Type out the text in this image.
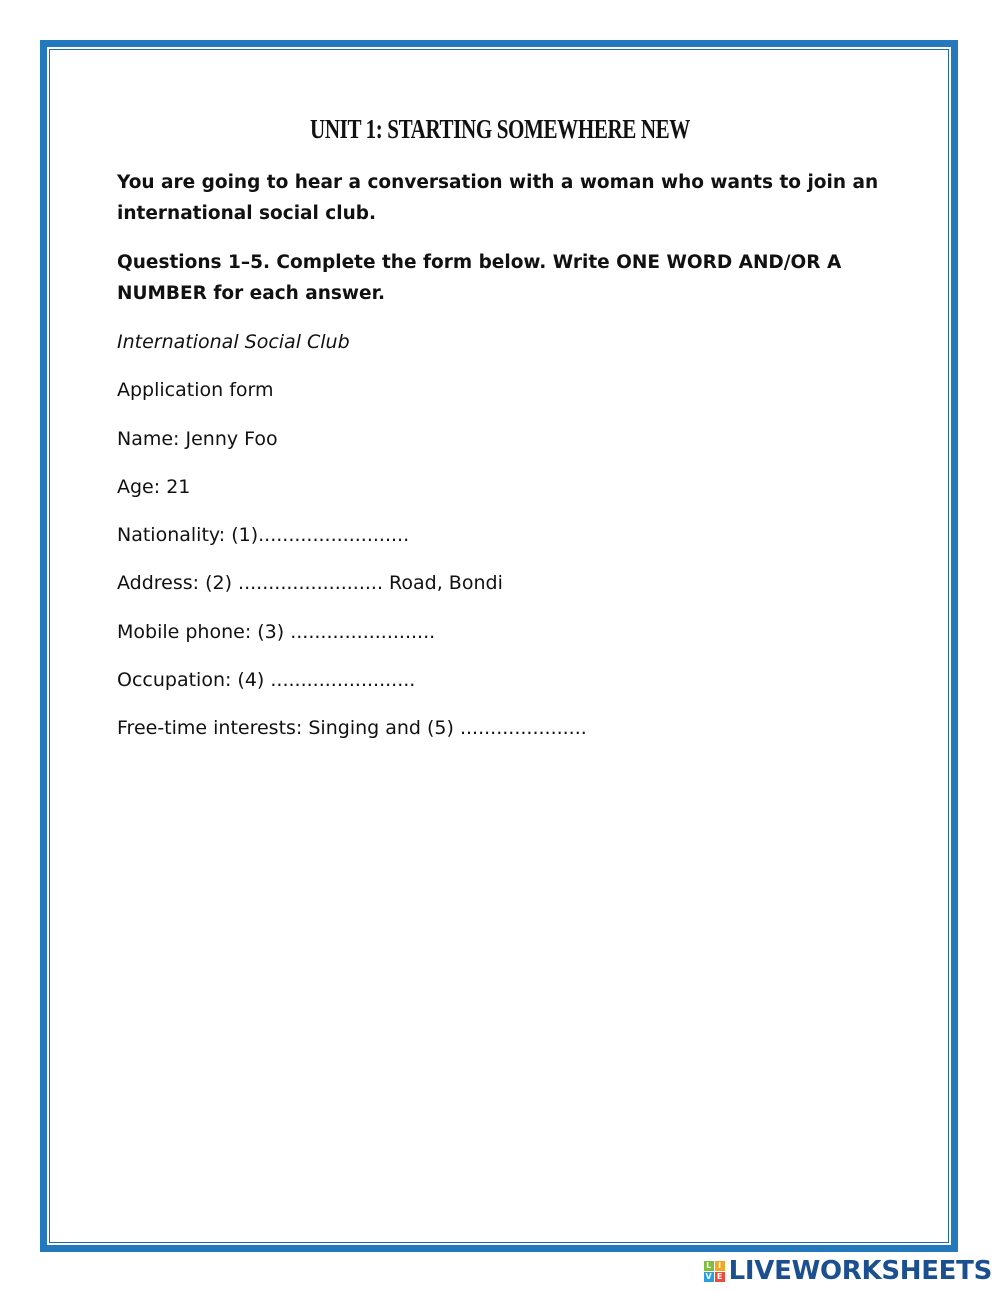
UNIT 1: STARTING SOMEWHERE NEW
You are going to hear a conversation with a woman who wants to join an
international social club.
Questions 1–5. Complete the form below. Write ONE WORD AND/OR A
NUMBER for each answer.
International Social Club
Application form
Name: Jenny Foo
Age: 21
Nationality: (1).........................
Address: (2) ........................ Road, Bondi
Mobile phone: (3) ........................
Occupation: (4) ........................
Free-time interests: Singing and (5) .....................
L I
V E LIVEWORKSHEETS
